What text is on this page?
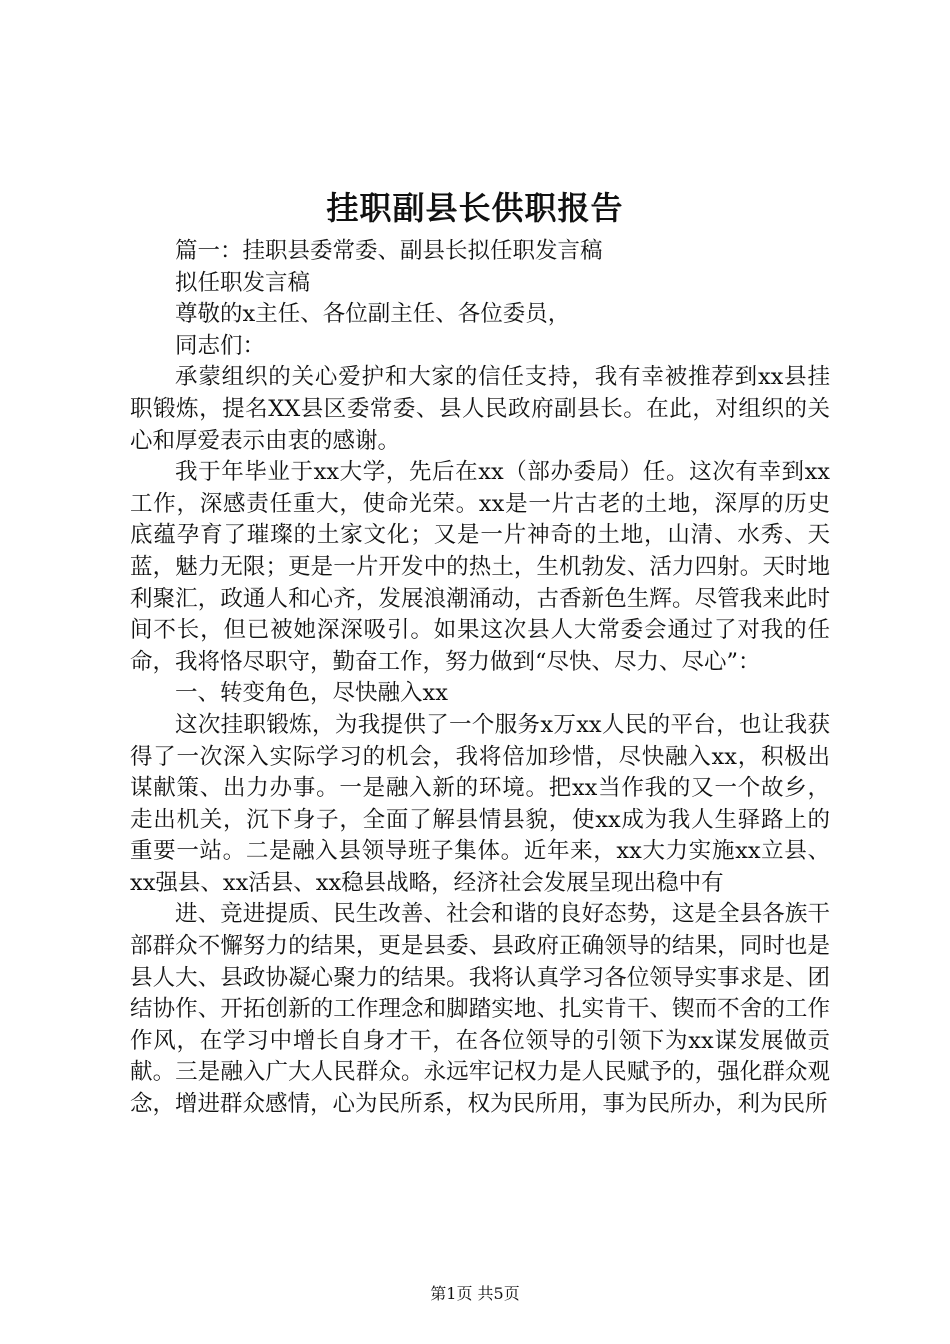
挂职副县长供职报告

篇一：挂职县委常委、副县长拟任职发言稿

拟任职发言稿

尊敬的x主任、各位副主任、各位委员，

同志们：

承蒙组织的关心爱护和大家的信任支持，我有幸被推荐到xx县挂职锻炼，提名XX县区委常委、县人民政府副县长。在此，对组织的关心和厚爱表示由衷的感谢。

我于年毕业于xx大学，先后在xx（部办委局）任。这次有幸到xx工作，深感责任重大，使命光荣。xx是一片古老的土地，深厚的历史底蕴孕育了璀璨的土家文化；又是一片神奇的土地，山清、水秀、天蓝，魅力无限；更是一片开发中的热土，生机勃发、活力四射。天时地利聚汇，政通人和心齐，发展浪潮涌动，古香新色生辉。尽管我来此时间不长，但已被她深深吸引。如果这次县人大常委会通过了对我的任命，我将恪尽职守，勤奋工作，努力做到“尽快、尽力、尽心”：

一、转变角色，尽快融入xx

这次挂职锻炼，为我提供了一个服务x万xx人民的平台，也让我获得了一次深入实际学习的机会，我将倍加珍惜，尽快融入xx，积极出谋献策、出力办事。一是融入新的环境。把xx当作我的又一个故乡，走出机关，沉下身子，全面了解县情县貌，使xx成为我人生驿路上的重要一站。二是融入县领导班子集体。近年来，xx大力实施xx立县、xx强县、xx活县、xx稳县战略，经济社会发展呈现出稳中有

进、竞进提质、民生改善、社会和谐的良好态势，这是全县各族干部群众不懈努力的结果，更是县委、县政府正确领导的结果，同时也是县人大、县政协凝心聚力的结果。我将认真学习各位领导实事求是、团结协作、开拓创新的工作理念和脚踏实地、扎实肯干、锲而不舍的工作作风，在学习中增长自身才干，在各位领导的引领下为xx谋发展做贡献。三是融入广大人民群众。永远牢记权力是人民赋予的，强化群众观念，增进群众感情，心为民所系，权为民所用，事为民所办，利为民所

第1页 共5页
